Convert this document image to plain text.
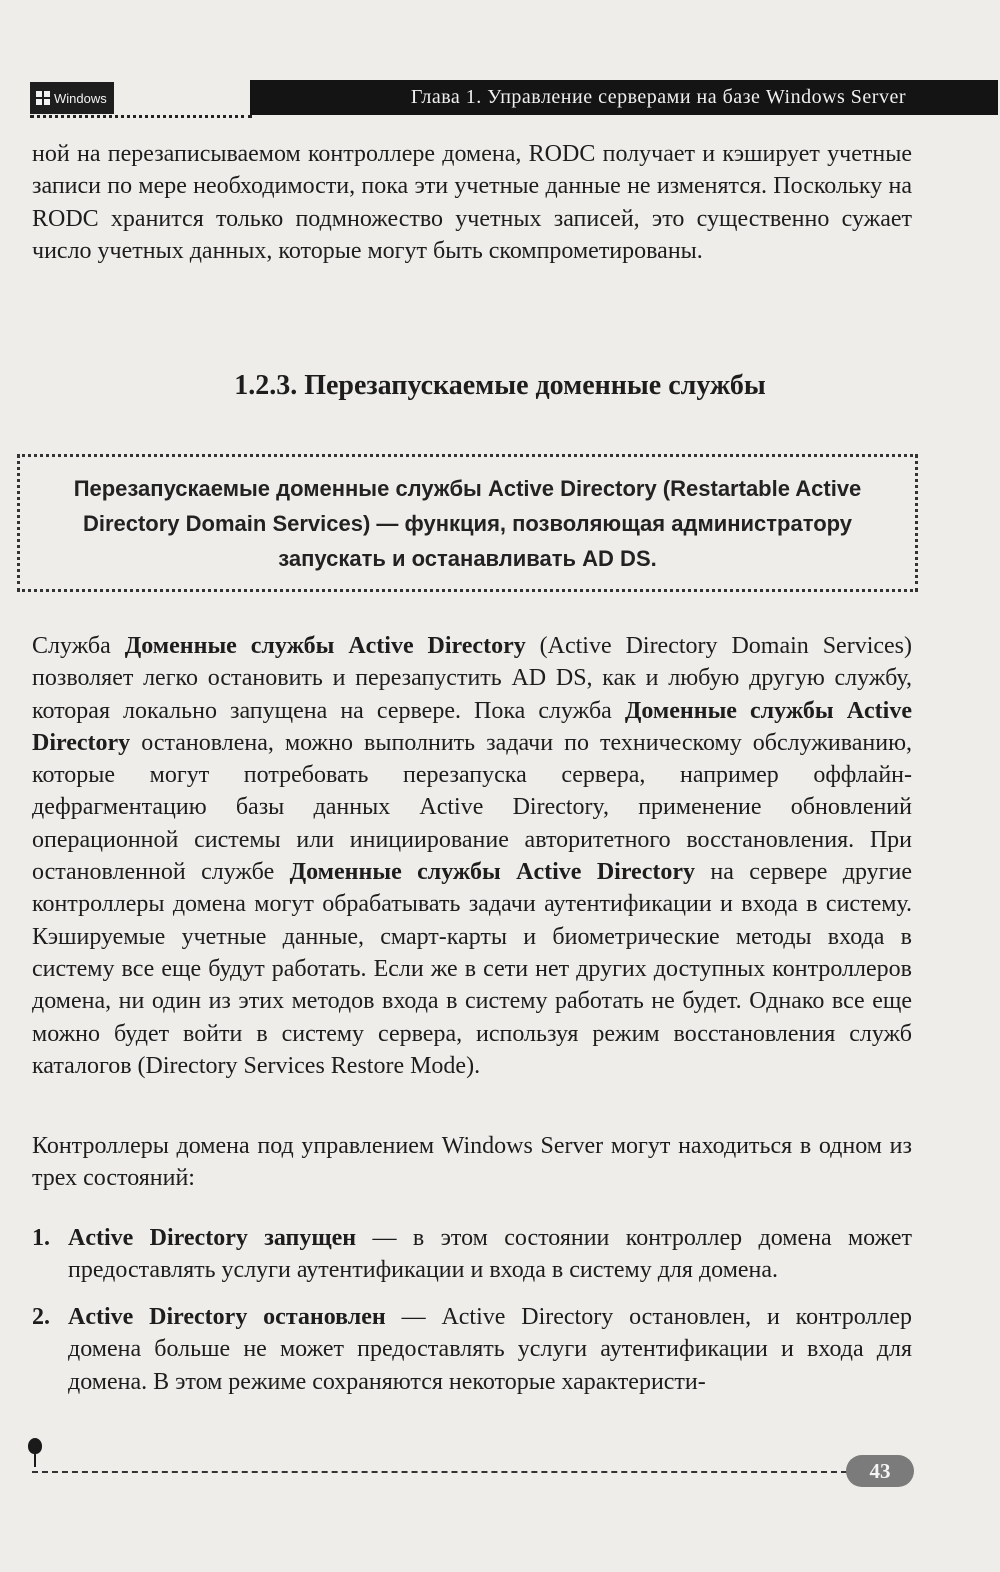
Windows	Глава 1. Управление серверами на базе Windows Server

ной на перезаписываемом контроллере домена, RODC получает и кэширует учетные записи по мере необходимости, пока эти учетные данные не изменятся. Поскольку на RODC хранится только подмножество учетных записей, это существенно сужает число учетных данных, которые могут быть скомпрометированы.

1.2.3. Перезапускаемые доменные службы

Перезапускаемые доменные службы Active Directory (Restartable Active Directory Domain Services) — функция, позволяющая администратору запускать и останавливать AD DS.

Служба Доменные службы Active Directory (Active Directory Domain Services) позволяет легко остановить и перезапустить AD DS, как и любую другую службу, которая локально запущена на сервере. Пока служба Доменные службы Active Directory остановлена, можно выполнить задачи по техническому обслуживанию, которые могут потребовать перезапуска сервера, например оффлайн-дефрагментацию базы данных Active Directory, применение обновлений операционной системы или инициирование авторитетного восстановления. При остановленной службе Доменные службы Active Directory на сервере другие контроллеры домена могут обрабатывать задачи аутентификации и входа в систему. Кэшируемые учетные данные, смарт-карты и биометрические методы входа в систему все еще будут работать. Если же в сети нет других доступных контроллеров домена, ни один из этих методов входа в систему работать не будет. Однако все еще можно будет войти в систему сервера, используя режим восстановления служб каталогов (Directory Services Restore Mode).

Контроллеры домена под управлением Windows Server могут находиться в одном из трех состояний:

1. Active Directory запущен — в этом состоянии контроллер домена может предоставлять услуги аутентификации и входа в систему для домена.
2. Active Directory остановлен — Active Directory остановлен, и контроллер домена больше не может предоставлять услуги аутентификации и входа для домена. В этом режиме сохраняются некоторые характеристи-
43
